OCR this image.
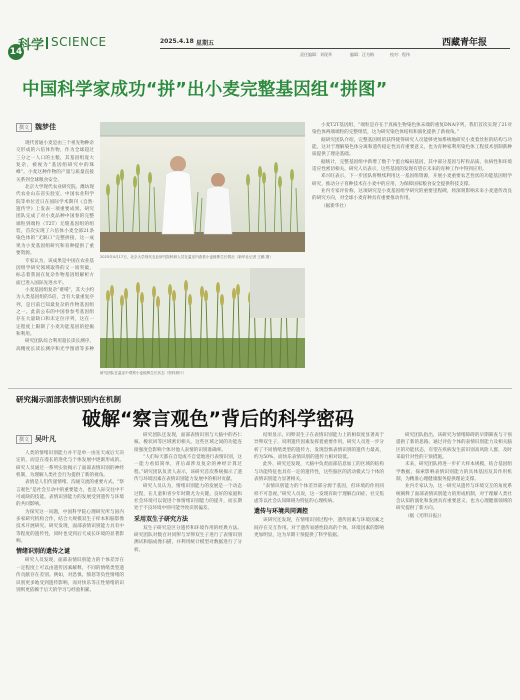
14
科学 SCIENCE	2025.4.18 星期五	西藏青年报
责任编辑：刘现华	编辑：汪为梅	校对：程伟
中国科学家成功“拼”出小麦完整基因组“拼图”
撰文 魏梦佳

现代普通小麦是由三个祖先物种杂交形成的六倍体作物，作为全球超过三分之一人口的主粮，其基因组庞大复杂，被视为“基因组研究中的珠峰”。小麦这种作物的产量与质量直接关系到全球粮食安全。

北京大学现代农业研究院、潍坊现代农业山东省实验室、中国农业科学院等单位近日在国际学术期刊《自然·遗传学》上发表一项重要成果。研究团队完成了对小麦品种中国春的完整端粒到端粒（T2T）无缝基因组的组装，首次实现了六倍体小麦全部21条染色体的“无缺口”完整拼接，这一成果为小麦基因组研究和育种提供了重要资源。

专家认为，该成果是中国在农业基因组学研究领域取得的又一项突破，标志着我国在复杂作物基因组解析方面已进入国际先进水平。

小麦基因组复杂“难啃”，其大小约为人类基因组的5倍，含有大量重复序列，是目前已知最复杂的作物基因组之一。此前公布的中国春参考基因组存在大量缺口和未定位序列，这在一定程度上限制了小麦功能基因的挖掘和利用。

研究团队综合利用超长读长测序、高精度长读长测序和光学图谱等多种

2025年4月17日，北京大学现代农业研究院科研人员在温室内查看小麦植株生长情况（新华社记者 王鹏 摄）
研究团队在温室中观察小麦植株生长状态（资料照片）

小麦T2T基因组，“端粒是存在于真核生物染色体末端的重复DNA序列，我们首次实现了21对染色体两端端粒的完整组装，这为研究染色体结构和演化提供了新视角。”

据研究团队介绍，完整基因组的获得使得研究人员能够更加系统地研究小麦着丝粒的结构与功能。这对于理解染色体分离和遗传稳定性具有重要意义，也为育种家利用染色体工程技术创制新种质提供了理论基础。

据统计，完整基因组中新增了数千个蛋白编码基因，其中部分基因与籽粒品质、抗病性和环境适应性密切相关。研究人员表示，这些基因的发现有望在未来的育种工作中得到应用。

邓兴旺表示，下一步团队将继续利用这一基因组资源，开展小麦重要农艺性状的功能基因组学研究，推动分子育种技术在小麦中的应用，为保障国家粮食安全提供科技支撑。

业内专家评价称，这项研究是小麦基因组学研究的重要里程碑，将深刻影响未来小麦遗传改良的研究方向，对全球小麦育种具有重要推动作用。

（据新华社）

研究揭示面部表情识别内在机制
破解“察言观色”背后的科学密码
撰文 吴叶凡

人类的情绪识别能力并不是单一由先天或后天决定的，而是在漫长的进化与个体发展中逐渐形成的。研究人员通过一系列实验揭示了面部表情识别的神经机制，为理解人类社会行为提供了新的视角。

表情是人们传递情绪、沟通交流的重要方式。“察言观色”是社会互动中的重要能力，也是人际交往中不可或缺的技能。表情识别能力的发展受到遗传与环境的共同影响。

为探究这一问题，中国科学院心理研究所与国内多家研究机构合作，结合大规模双生子样本和脑影像技术开展研究。研究发现，面部表情识别能力具有中等程度的遗传性，同时也受到后天成长环境的显著影响。

情绪识别的遗传之谜

研究人员发现，面部表情识别能力的个体差异在一定程度上可以由遗传因素解释，不同的情绪类型遗传贡献存在差别。例如，对恐惧、愤怒等负性情绪的识别更多地受到遗传影响，而对快乐等正性情绪的识别则更依赖于后天的学习与经验积累。

研究团队还发现，面部表情识别与大脑中的杏仁核、梭状回等区域密切相关。这些区域之间的功能连接强度会影响个体对他人表情的识别准确率。

“人们每天都在自觉或不自觉地进行表情识别，这一能力看似简单，背后却涉及复杂的神经计算过程。”研究团队负责人表示，该研究首次系统揭示了遗传与环境因素在表情识别能力发展中的相对贡献。

研究人员认为，情绪识别能力的发展是一个动态过程，在儿童和青少年时期尤为关键。良好的家庭和社会环境可以促进个体情绪识别能力的提升，而长期处于不良环境中则可能导致识别偏差。

采用双生子研究方法

双生子研究是区分遗传和环境作用的经典方法。研究团队对数百对同卵与异卵双生子进行了表情识别测试和脑成像扫描，并利用统计模型对数据进行了分析。

结果显示，同卵双生子在表情识别能力上的相似度显著高于异卵双生子，说明遗传因素发挥着重要作用。研究人员进一步分析了不同情绪类型的遗传力，发现恐惧表情识别的遗传力最高，约为50%，而快乐表情识别的遗传力相对较低。

此外，研究还发现，大脑中负责面部信息加工的区域的结构与功能特征也具有一定的遗传性，这些脑区的活动模式与个体的表情识别能力显著相关。

“表情识别能力的个体差异部分源于基因，但环境的作用同样不可忽视。”研究人员说，这一发现有助于理解自闭症、社交焦虑等以社会认知障碍为特征的心理疾病。

遗传与环境共同调控

该研究还发现，在情绪识别过程中，遗传因素与环境因素之间存在交互作用。对于遗传易感性较高的个体，环境因素的影响更加明显，这为早期干预提供了科学依据。

研究团队指出，该研究为情绪障碍的早期筛查与干预提供了新的思路。通过评估个体的表情识别能力及相关脑区的功能状态，有望在疾病发生前识别高风险人群，及时采取针对性的干预措施。

未来，研究团队将进一步扩大样本规模，结合基因组学数据，探索影响表情识别能力的具体基因及其作用机制，为精准心理健康服务提供理论支撑。

业内专家认为，这一研究从遗传与环境交互的角度系统阐释了面部表情识别能力的形成机制，对于理解人类社会认知的演化和发展具有重要意义，也为心理健康领域的研究提供了新方向。

（据《光明日报》）
